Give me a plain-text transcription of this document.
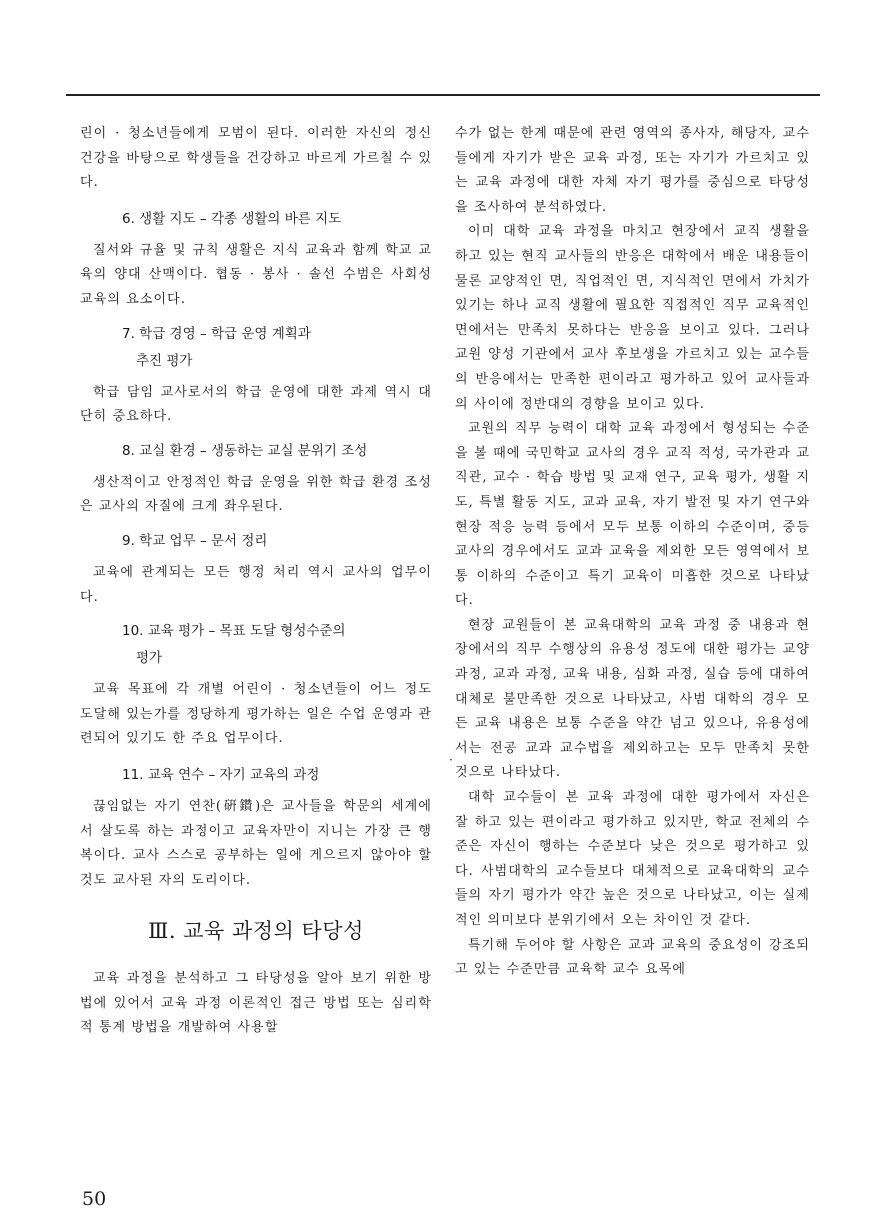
린이 · 청소년들에게 모범이 된다. 이러한 자신의 정신 건강을 바탕으로 학생들을 건강하고 바르게 가르칠 수 있다.

6. 생활 지도 – 각종 생활의 바른 지도

질서와 규율 및 규칙 생활은 지식 교육과 함께 학교 교육의 양대 산맥이다. 협동 · 봉사 · 솔선 수범은 사회성 교육의 요소이다.

7. 학급 경영 – 학급 운영 계획과
추진 평가

학급 담임 교사로서의 학급 운영에 대한 과제 역시 대단히 중요하다.

8. 교실 환경 – 생동하는 교실 분위기 조성

생산적이고 안정적인 학급 운영을 위한 학급 환경 조성은 교사의 자질에 크게 좌우된다.

9. 학교 업무 – 문서 정리

교육에 관계되는 모든 행정 처리 역시 교사의 업무이다.

10. 교육 평가 – 목표 도달 형성수준의
평가

교육 목표에 각 개별 어린이 · 청소년들이 어느 정도 도달해 있는가를 정당하게 평가하는 일은 수업 운영과 관련되어 있기도 한 주요 업무이다.

11. 교육 연수 – 자기 교육의 과정

끊임없는 자기 연찬(硏鑽)은 교사들을 학문의 세계에서 살도록 하는 과정이고 교육자만이 지니는 가장 큰 행복이다. 교사 스스로 공부하는 일에 게으르지 않아야 할 것도 교사된 자의 도리이다.

Ⅲ. 교육 과정의 타당성

교육 과정을 분석하고 그 타당성을 알아 보기 위한 방법에 있어서 교육 과정 이론적인 접근 방법 또는 심리학적 통계 방법을 개발하여 사용할

수가 없는 한계 때문에 관련 영역의 종사자, 해당자, 교수들에게 자기가 받은 교육 과정, 또는 자기가 가르치고 있는 교육 과정에 대한 자체 자기 평가를 중심으로 타당성을 조사하여 분석하였다.

이미 대학 교육 과정을 마치고 현장에서 교직 생활을 하고 있는 현직 교사들의 반응은 대학에서 배운 내용들이 물론 교양적인 면, 직업적인 면, 지식적인 면에서 가치가 있기는 하나 교직 생활에 필요한 직접적인 직무 교육적인 면에서는 만족치 못하다는 반응을 보이고 있다. 그러나 교원 양성 기관에서 교사 후보생을 가르치고 있는 교수들의 반응에서는 만족한 편이라고 평가하고 있어 교사들과의 사이에 정반대의 경향을 보이고 있다.

교원의 직무 능력이 대학 교육 과정에서 형성되는 수준을 볼 때에 국민학교 교사의 경우 교직 적성, 국가관과 교직관, 교수 · 학습 방법 및 교재 연구, 교육 평가, 생활 지도, 특별 활동 지도, 교과 교육, 자기 발전 및 자기 연구와 현장 적응 능력 등에서 모두 보통 이하의 수준이며, 중등 교사의 경우에서도 교과 교육을 제외한 모든 영역에서 보통 이하의 수준이고 특기 교육이 미흡한 것으로 나타났다.

현장 교원들이 본 교육대학의 교육 과정 중 내용과 현장에서의 직무 수행상의 유용성 정도에 대한 평가는 교양 과정, 교과 과정, 교육 내용, 심화 과정, 실습 등에 대하여 대체로 불만족한 것으로 나타났고, 사범 대학의 경우 모든 교육 내용은 보통 수준을 약간 넘고 있으나, 유용성에서는 전공 교과 교수법을 제외하고는 모두 만족치 못한 것으로 나타났다.

대학 교수들이 본 교육 과정에 대한 평가에서 자신은 잘 하고 있는 편이라고 평가하고 있지만, 학교 전체의 수준은 자신이 행하는 수준보다 낮은 것으로 평가하고 있다. 사범대학의 교수들보다 대체적으로 교육대학의 교수들의 자기 평가가 약간 높은 것으로 나타났고, 이는 실제적인 의미보다 분위기에서 오는 차이인 것 같다.

특기해 두어야 할 사항은 교과 교육의 중요성이 강조되고 있는 수준만큼 교육학 교수 요목에

·
50
